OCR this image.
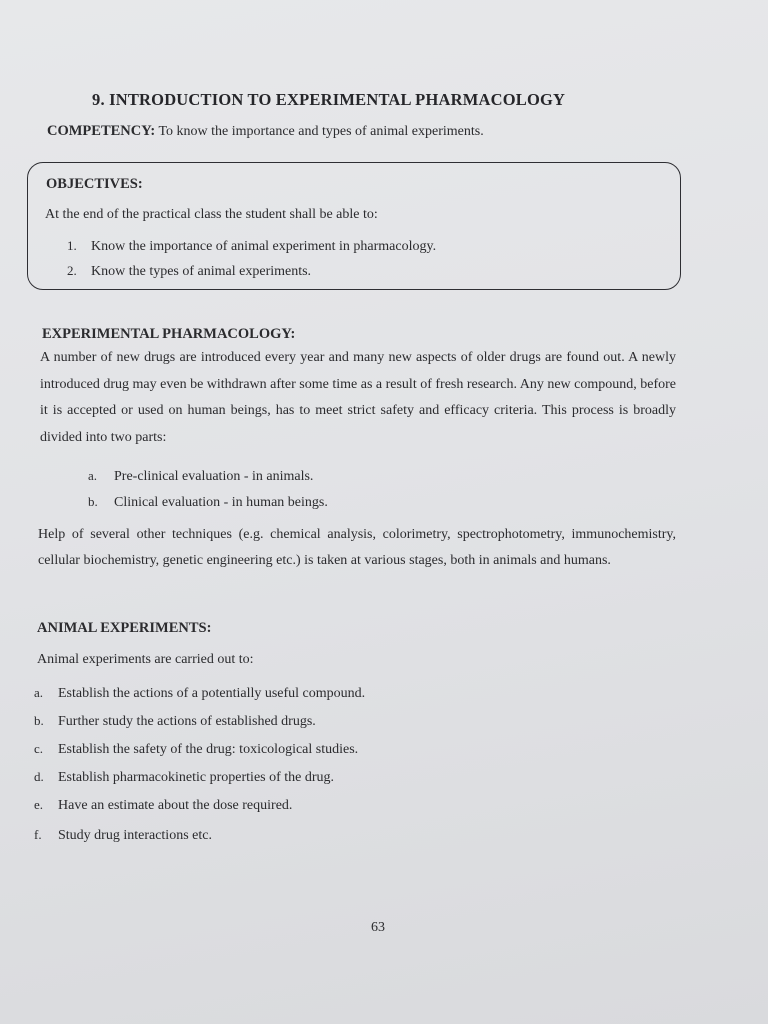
9. INTRODUCTION TO EXPERIMENTAL PHARMACOLOGY
COMPETENCY: To know the importance and types of animal experiments.
OBJECTIVES:
At the end of the practical class the student shall be able to:
1. Know the importance of animal experiment in pharmacology.
2. Know the types of animal experiments.
EXPERIMENTAL PHARMACOLOGY:
A number of new drugs are introduced every year and many new aspects of older drugs are found out. A newly introduced drug may even be withdrawn after some time as a result of fresh research. Any new compound, before it is accepted or used on human beings, has to meet strict safety and efficacy criteria. This process is broadly divided into two parts:
a. Pre-clinical evaluation - in animals.
b. Clinical evaluation - in human beings.
Help of several other techniques (e.g. chemical analysis, colorimetry, spectrophotometry, immunochemistry, cellular biochemistry, genetic engineering etc.) is taken at various stages, both in animals and humans.
ANIMAL EXPERIMENTS:
Animal experiments are carried out to:
a. Establish the actions of a potentially useful compound.
b. Further study the actions of established drugs.
c. Establish the safety of the drug: toxicological studies.
d. Establish pharmacokinetic properties of the drug.
e. Have an estimate about the dose required.
f. Study drug interactions etc.
63
